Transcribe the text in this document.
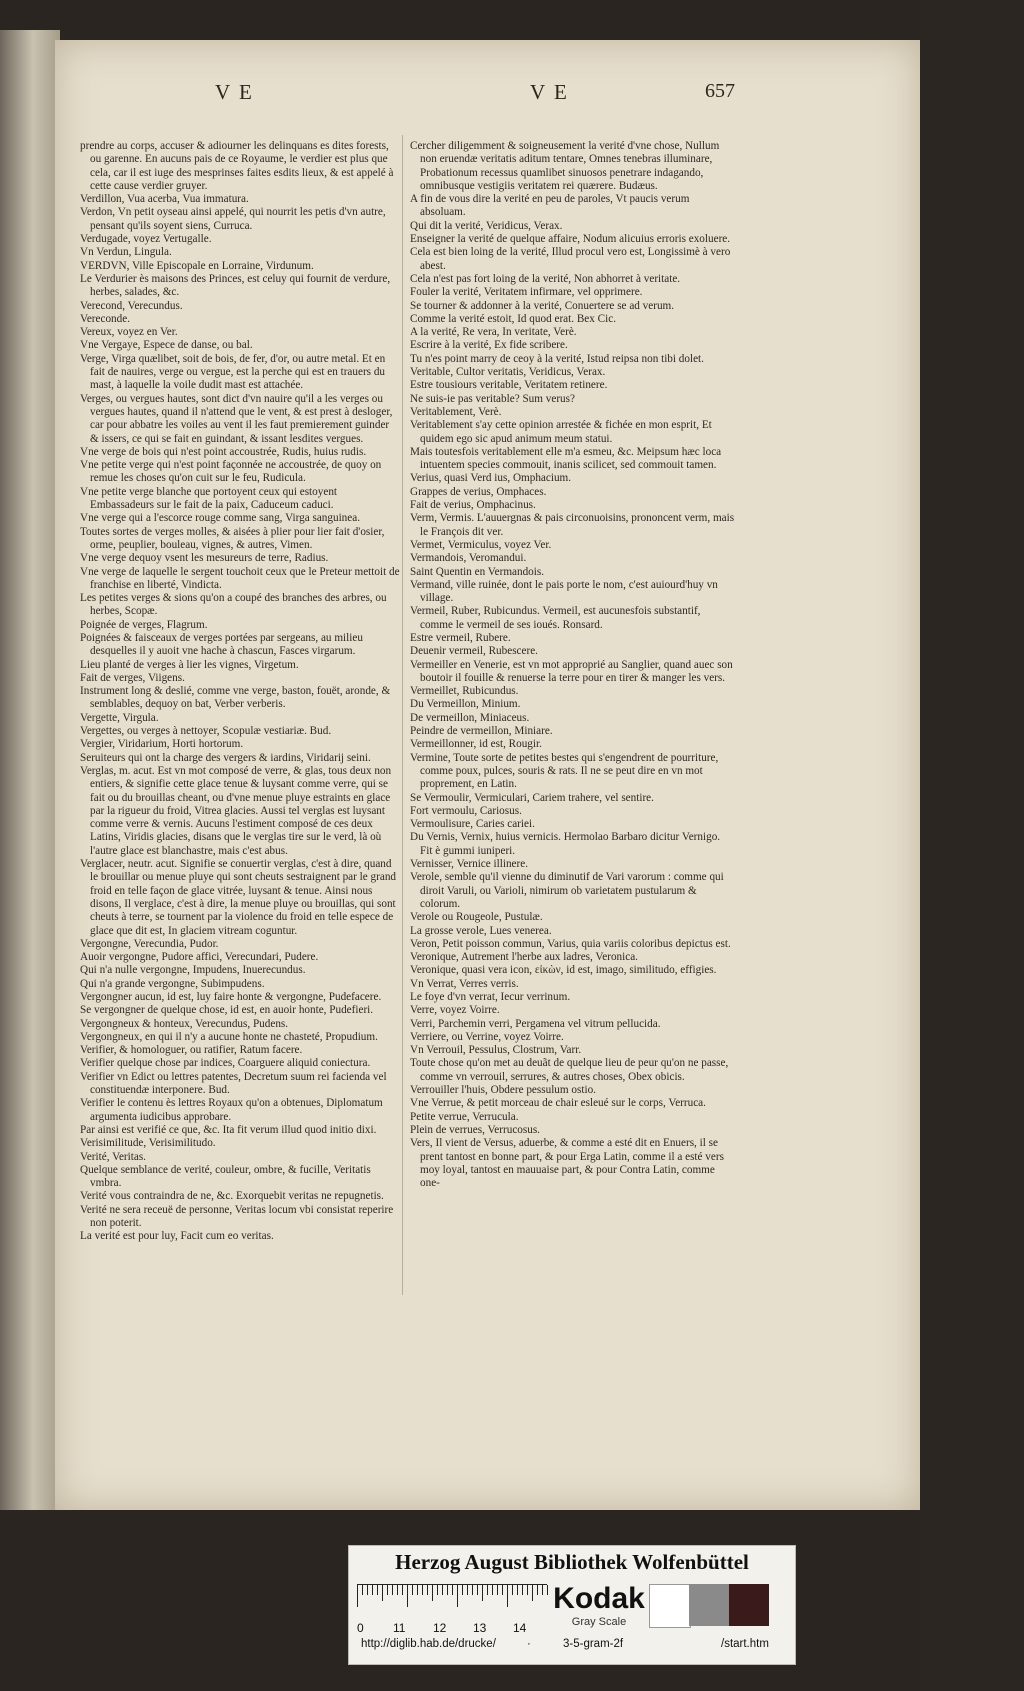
V E	V E	657

prendre au corps, accuser & adiourner les delinquans es dites forests, ou garenne. En aucuns pais de ce Royaume, le verdier est plus que cela, car il est iuge des mesprinses faites esdits lieux, & est appelé à cette cause verdier gruyer.

Verdillon, Vua acerba, Vua immatura.

Verdon, Vn petit oyseau ainsi appelé, qui nourrit les petis d'vn autre, pensant qu'ils soyent siens, Curruca.

Verdugade, voyez Vertugalle.

Vn Verdun, Lingula.

VERDVN, Ville Episcopale en Lorraine, Virdunum.

Le Verdurier ès maisons des Princes, est celuy qui fournit de verdure, herbes, salades, &c.

Verecond, Verecundus.

Vereconde.

Vereux, voyez en Ver.

Vne Vergaye, Espece de danse, ou bal.

Verge, Virga quælibet, soit de bois, de fer, d'or, ou autre metal. Et en fait de nauires, verge ou vergue, est la perche qui est en trauers du mast, à laquelle la voile dudit mast est attachée.

Verges, ou vergues hautes, sont dict d'vn nauire qu'il a les verges ou vergues hautes, quand il n'attend que le vent, & est prest à desloger, car pour abbatre les voiles au vent il les faut premierement guinder & issers, ce qui se fait en guindant, & issant lesdites vergues.

Vne verge de bois qui n'est point accoustrée, Rudis, huius rudis.

Vne petite verge qui n'est point façonnée ne accoustrée, de quoy on remue les choses qu'on cuit sur le feu, Rudicula.

Vne petite verge blanche que portoyent ceux qui estoyent Embassadeurs sur le fait de la paix, Caduceum caduci.

Vne verge qui a l'escorce rouge comme sang, Virga sanguinea.

Toutes sortes de verges molles, & aisées à plier pour lier fait d'osier, orme, peuplier, bouleau, vignes, & autres, Vimen.

Vne verge dequoy vsent les mesureurs de terre, Radius.

Vne verge de laquelle le sergent touchoit ceux que le Preteur mettoit de franchise en liberté, Vindicta.

Les petites verges & sions qu'on a coupé des branches des arbres, ou herbes, Scopæ.

Poignée de verges, Flagrum.

Poignées & faisceaux de verges portées par sergeans, au milieu desquelles il y auoit vne hache à chascun, Fasces virgarum.

Lieu planté de verges à lier les vignes, Virgetum.

Fait de verges, Viigens.

Instrument long & deslié, comme vne verge, baston, fouët, aronde, & semblables, dequoy on bat, Verber verberis.

Vergette, Virgula.

Vergettes, ou verges à nettoyer, Scopulæ vestiariæ. Bud.

Vergier, Viridarium, Horti hortorum.

Seruiteurs qui ont la charge des vergers & iardins, Viridarij seini.

Verglas, m. acut. Est vn mot composé de verre, & glas, tous deux non entiers, & signifie cette glace tenue & luysant comme verre, qui se fait ou du brouillas cheant, ou d'vne menue pluye estraints en glace par la rigueur du froid, Vitrea glacies. Aussi tel verglas est luysant comme verre & vernis. Aucuns l'estiment composé de ces deux Latins, Viridis glacies, disans que le verglas tire sur le verd, là où l'autre glace est blanchastre, mais c'est abus.

Verglacer, neutr. acut. Signifie se conuertir verglas, c'est à dire, quand le brouillar ou menue pluye qui sont cheuts sestraignent par le grand froid en telle façon de glace vitrée, luysant & tenue. Ainsi nous disons, Il verglace, c'est à dire, la menue pluye ou brouillas, qui sont cheuts à terre, se tournent par la violence du froid en telle espece de glace que dit est, In glaciem vitream coguntur.

Vergongne, Verecundia, Pudor.

Auoir vergongne, Pudore affici, Verecundari, Pudere.

Qui n'a nulle vergongne, Impudens, Inuerecundus.

Qui n'a grande vergongne, Subimpudens.

Vergongner aucun, id est, luy faire honte & vergongne, Pudefacere.

Se vergongner de quelque chose, id est, en auoir honte, Pudefieri.

Vergongneux & honteux, Verecundus, Pudens.

Vergongneux, en qui il n'y a aucune honte ne chasteté, Propudium.

Verifier, & homologuer, ou ratifier, Ratum facere.

Verifier quelque chose par indices, Coarguere aliquid coniectura.

Verifier vn Edict ou lettres patentes, Decretum suum rei facienda vel constituendæ interponere. Bud.

Verifier le contenu ès lettres Royaux qu'on a obtenues, Diplomatum argumenta iudicibus approbare.

Par ainsi est verifié ce que, &c. Ita fit verum illud quod initio dixi.

Verisimilitude, Verisimilitudo.

Verité, Veritas.

Quelque semblance de verité, couleur, ombre, & fucille, Veritatis vmbra.

Verité vous contraindra de ne, &c. Exorquebit veritas ne repugnetis.

Verité ne sera receuë de personne, Veritas locum vbi consistat reperire non poterit.

La verité est pour luy, Facit cum eo veritas.

Cercher diligemment & soigneusement la verité d'vne chose, Nullum non eruendæ veritatis aditum tentare, Omnes tenebras illuminare, Probationum recessus quamlibet sinuosos penetrare indagando, omnibusque vestigiis veritatem rei quærere. Budæus.

A fin de vous dire la verité en peu de paroles, Vt paucis verum absoluam.

Qui dit la verité, Veridicus, Verax.

Enseigner la verité de quelque affaire, Nodum alicuius erroris exoluere.

Cela est bien loing de la verité, Illud procul vero est, Longissimè à vero abest.

Cela n'est pas fort loing de la verité, Non abhorret à veritate.

Fouler la verité, Veritatem infirmare, vel opprimere.

Se tourner & addonner à la verité, Conuertere se ad verum.

Comme la verité estoit, Id quod erat. Bex Cic.

A la verité, Re vera, In veritate, Verè.

Escrire à la verité, Ex fide scribere.

Tu n'es point marry de ceoy à la verité, Istud reipsa non tibi dolet.

Veritable, Cultor veritatis, Veridicus, Verax.

Estre tousiours veritable, Veritatem retinere.

Ne suis-ie pas veritable? Sum verus?

Veritablement, Verè.

Veritablement s'ay cette opinion arrestée & fichée en mon esprit, Et quidem ego sic apud animum meum statui.

Mais toutesfois veritablement elle m'a esmeu, &c. Meipsum hæc loca intuentem species commouit, inanis scilicet, sed commouit tamen.

Verius, quasi Verd ius, Omphacium.

Grappes de verius, Omphaces.

Fait de verius, Omphacinus.

Verm, Vermis. L'auuergnas & pais circonuoisins, prononcent verm, mais le François dit ver.

Vermet, Vermiculus, voyez Ver.

Vermandois, Veromandui.

Saint Quentin en Vermandois.

Vermand, ville ruinée, dont le pais porte le nom, c'est auiourd'huy vn village.

Vermeil, Ruber, Rubicundus. Vermeil, est aucunesfois substantif, comme le vermeil de ses ioués. Ronsard.

Estre vermeil, Rubere.

Deuenir vermeil, Rubescere.

Vermeiller en Venerie, est vn mot approprié au Sanglier, quand auec son boutoir il fouille & renuerse la terre pour en tirer & manger les vers.

Vermeillet, Rubicundus.

Du Vermeillon, Minium.

De vermeillon, Miniaceus.

Peindre de vermeillon, Miniare.

Vermeillonner, id est, Rougir.

Vermine, Toute sorte de petites bestes qui s'engendrent de pourriture, comme poux, pulces, souris & rats. Il ne se peut dire en vn mot proprement, en Latin.

Se Vermoulir, Vermiculari, Cariem trahere, vel sentire.

Fort vermoulu, Cariosus.

Vermoulisure, Caries cariei.

Du Vernis, Vernix, huius vernicis. Hermolao Barbaro dicitur Vernigo. Fit è gummi iuniperi.

Vernisser, Vernice illinere.

Verole, semble qu'il vienne du diminutif de Vari varorum : comme qui diroit Varuli, ou Varioli, nimirum ob varietatem pustularum & colorum.

Verole ou Rougeole, Pustulæ.

La grosse verole, Lues venerea.

Veron, Petit poisson commun, Varius, quia variis coloribus depictus est.

Veronique, Autrement l'herbe aux ladres, Veronica.

Veronique, quasi vera icon, εἰκὼν, id est, imago, similitudo, effigies.

Vn Verrat, Verres verris.

Le foye d'vn verrat, Iecur verrinum.

Verre, voyez Voirre.

Verri, Parchemin verri, Pergamena vel vitrum pellucida.

Verriere, ou Verrine, voyez Voirre.

Vn Verrouil, Pessulus, Clostrum, Varr.

Toute chose qu'on met au deuãt de quelque lieu de peur qu'on ne passe, comme vn verrouil, serrures, & autres choses, Obex obicis.

Verrouiller l'huis, Obdere pessulum ostio.

Vne Verrue, & petit morceau de chair esleué sur le corps, Verruca.

Petite verrue, Verrucula.

Plein de verrues, Verrucosus.

Vers, Il vient de Versus, aduerbe, & comme a esté dit en Enuers, il se prent tantost en bonne part, & pour Erga Latin, comme il a esté vers moy loyal, tantost en mauuaise part, & pour Contra Latin, comme one-

Herzog August Bibliothek Wolfenbüttel
0 11 12 13 14
Kodak
Gray Scale
http://diglib.hab.de/drucke/	·	3-5-gram-2f	/start.htm
